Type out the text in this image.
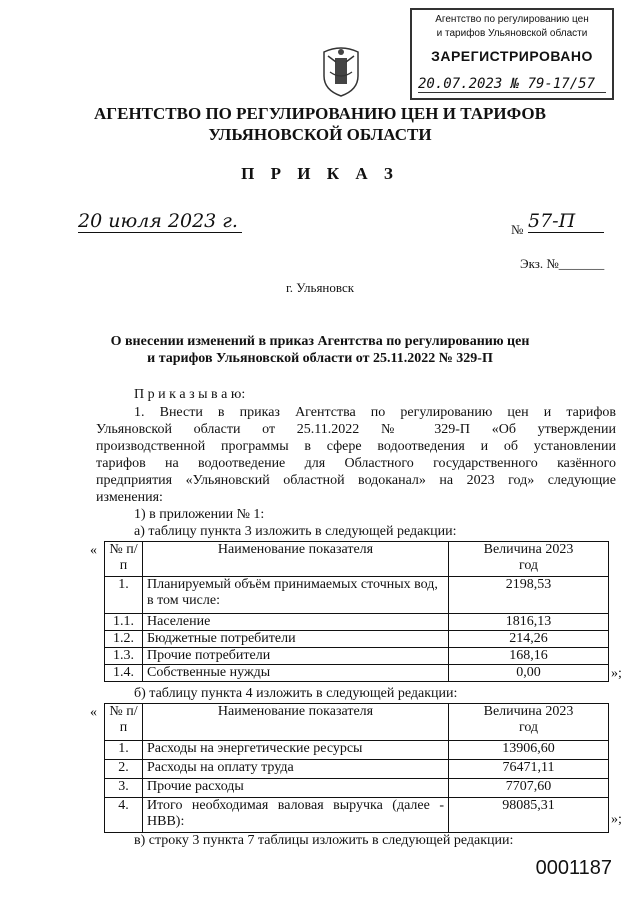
Агентство по регулированию цен
и тарифов Ульяновской области
ЗАРЕГИСТРИРОВАНО
20.07.2023 № 79-17/57
АГЕНТСТВО ПО РЕГУЛИРОВАНИЮ ЦЕН И ТАРИФОВ
УЛЬЯНОВСКОЙ ОБЛАСТИ
П Р И К А З
20 июля 2023 г.	№ 57-П
Экз. №_______
г. Ульяновск
О внесении изменений в приказ Агентства по регулированию цен
и тарифов Ульяновской области от 25.11.2022 № 329-П
П р и к а з ы в а ю:
1. Внести в приказ Агентства по регулированию цен и тарифов
Ульяновской области от 25.11.2022 № 329-П «Об утверждении
производственной программы в сфере водоотведения и об установлении
тарифов на водоотведение для Областного государственного казённого
предприятия «Ульяновский областной водоканал» на 2023 год» следующие
изменения:
1) в приложении № 1:
а) таблицу пункта 3 изложить в следующей редакции:
« № п/п	Наименование показателя	Величина 2023 год
1.	Планируемый объём принимаемых сточных вод, в том числе:	2198,53
1.1.	Население	1816,13
1.2.	Бюджетные потребители	214,26
1.3.	Прочие потребители	168,16
1.4.	Собственные нужды	0,00	»;
б) таблицу пункта 4 изложить в следующей редакции:
« № п/п	Наименование показателя	Величина 2023 год
1.	Расходы на энергетические ресурсы	13906,60
2.	Расходы на оплату труда	76471,11
3.	Прочие расходы	7707,60
4.	Итого необходимая валовая выручка (далее - НВВ):	98085,31
»;
в) строку 3 пункта 7 таблицы изложить в следующей редакции:
0001187
